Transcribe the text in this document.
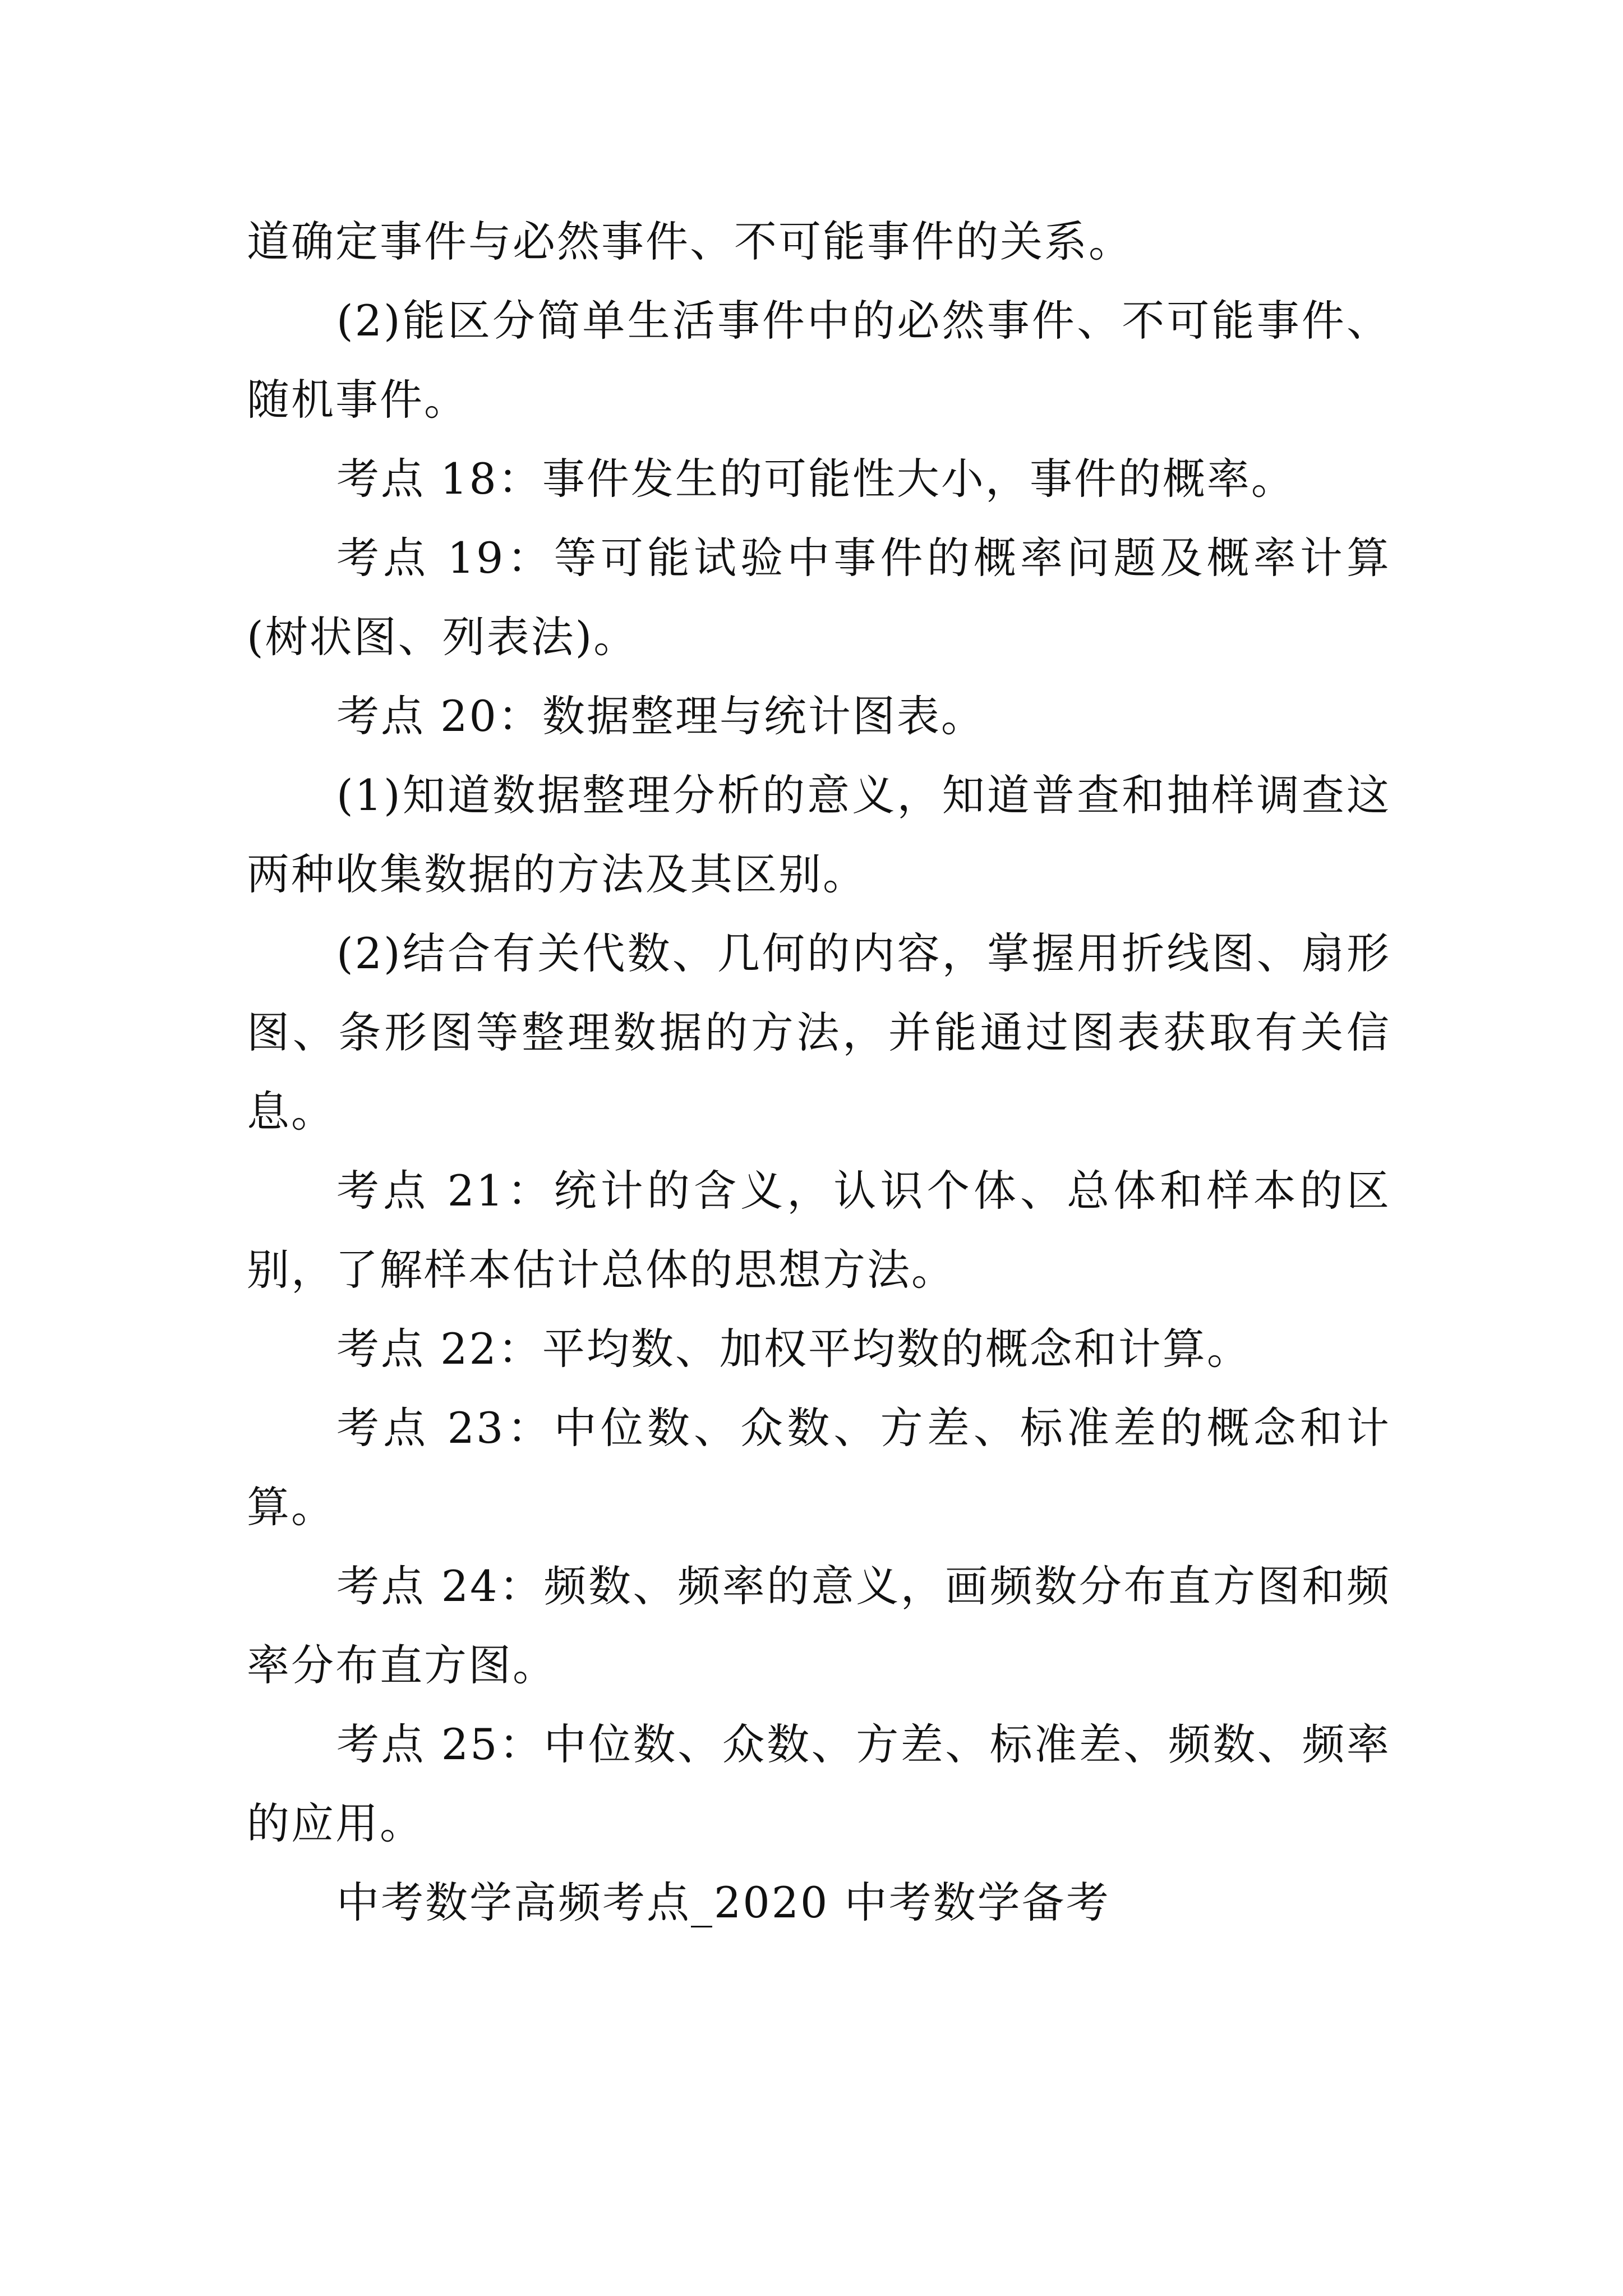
道确定事件与必然事件、不可能事件的关系。

(2)能区分简单生活事件中的必然事件、不可能事件、随机事件。

考点 18：事件发生的可能性大小，事件的概率。

考点 19：等可能试验中事件的概率问题及概率计算(树状图、列表法)。

考点 20：数据整理与统计图表。

(1)知道数据整理分析的意义，知道普查和抽样调查这两种收集数据的方法及其区别。

(2)结合有关代数、几何的内容，掌握用折线图、扇形图、条形图等整理数据的方法，并能通过图表获取有关信息。

考点 21：统计的含义，认识个体、总体和样本的区别，了解样本估计总体的思想方法。

考点 22：平均数、加权平均数的概念和计算。

考点 23：中位数、众数、方差、标准差的概念和计算。

考点 24：频数、频率的意义，画频数分布直方图和频率分布直方图。

考点 25：中位数、众数、方差、标准差、频数、频率的应用。

中考数学高频考点_2020 中考数学备考
